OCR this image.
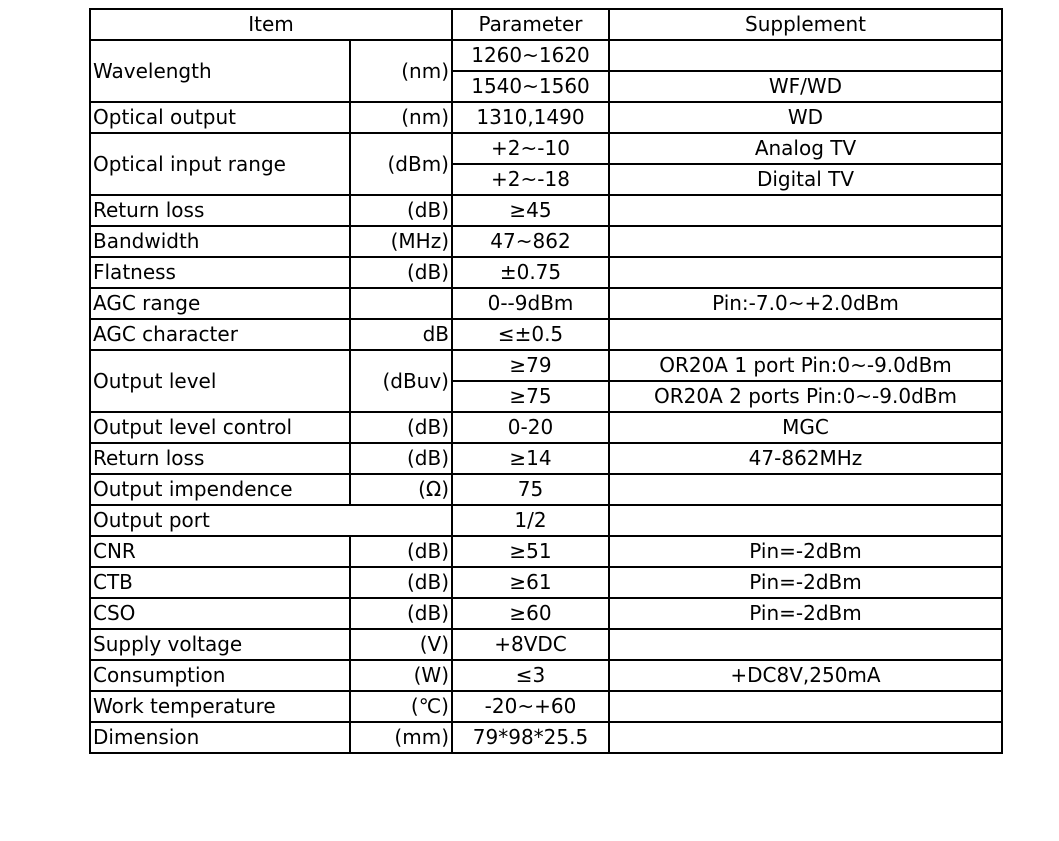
Item		Parameter	Supplement
Wavelength	(nm)	1260~1620	
		1540~1560	WF/WD
Optical output	(nm)	1310,1490	WD
Optical input range	(dBm)	+2~-10	Analog TV
		+2~-18	Digital TV
Return loss	(dB)	≥45	
Bandwidth	(MHz)	47~862	
Flatness	(dB)	±0.75	
AGC range		0--9dBm	Pin:-7.0~+2.0dBm
AGC character	dB	≤±0.5	
Output level	(dBuv)	≥79	OR20A 1 port Pin:0~-9.0dBm
		≥75	OR20A 2 ports Pin:0~-9.0dBm
Output level control	(dB)	0-20	MGC
Return loss	(dB)	≥14	47-862MHz
Output impendence	(Ω)	75	
Output port		1/2	
CNR	(dB)	≥51	Pin=-2dBm
CTB	(dB)	≥61	Pin=-2dBm
CSO	(dB)	≥60	Pin=-2dBm
Supply voltage	(V)	+8VDC	
Consumption	(W)	≤3	+DC8V,250mA
Work temperature	(℃)	-20~+60	
Dimension	(mm)	79*98*25.5	
